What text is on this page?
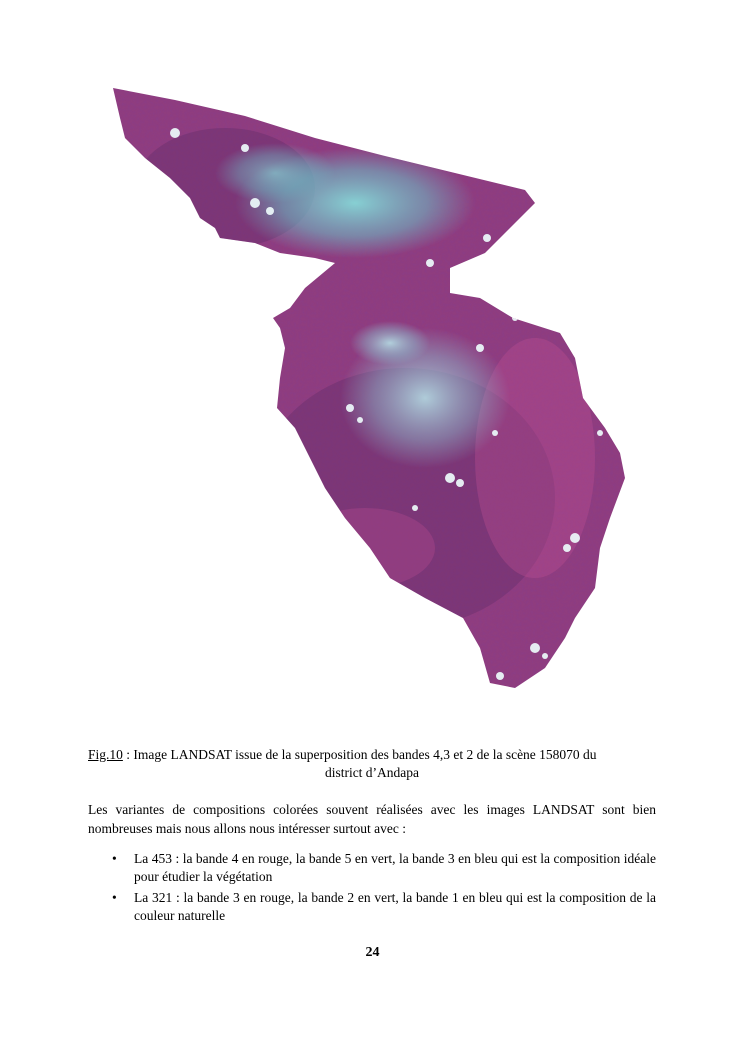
Fig.10 : Image LANDSAT issue de la superposition des bandes 4,3 et 2 de la scène 158070 du
district d’Andapa
Les variantes de compositions colorées souvent réalisées avec les images LANDSAT sont bien nombreuses mais nous allons nous intéresser surtout avec :
• La 453 : la bande 4 en rouge, la bande 5 en vert, la bande 3 en bleu qui est la composition idéale pour étudier la végétation
• La 321 : la bande 3 en rouge, la bande 2 en vert, la bande 1 en bleu qui est la composition de la couleur naturelle
24
